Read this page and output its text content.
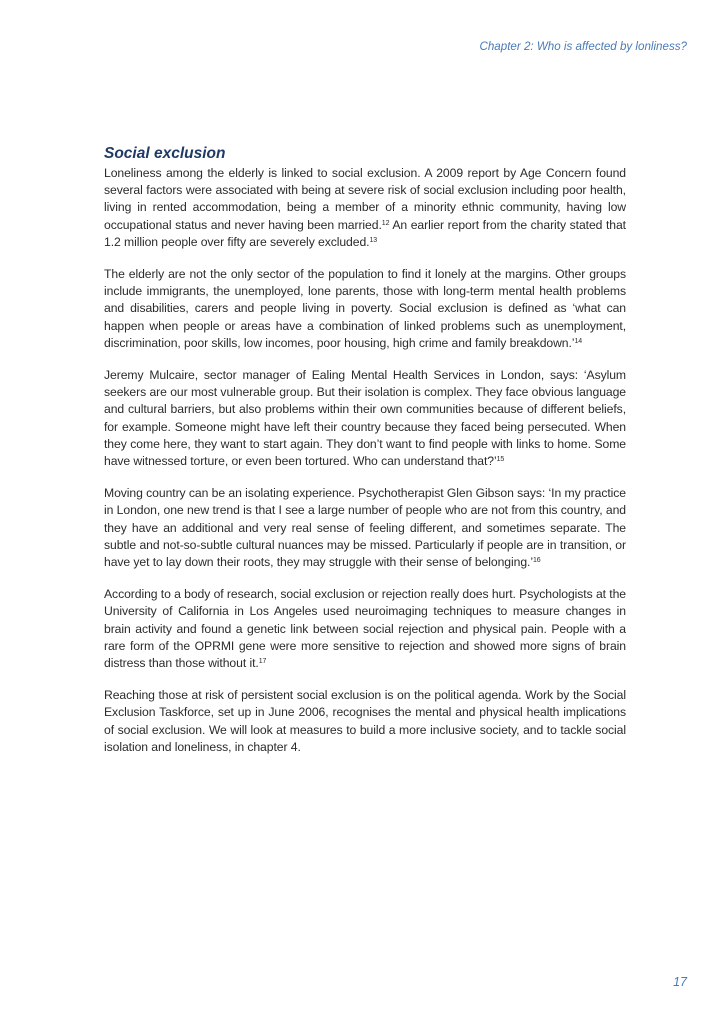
Chapter 2: Who is affected by lonliness?
Social exclusion

Loneliness among the elderly is linked to social exclusion. A 2009 report by Age Concern found several factors were associated with being at severe risk of social exclusion including poor health, living in rented accommodation, being a member of a minority ethnic community, having low occupational status and never having been married.$^{12}$ An earlier report from the charity stated that 1.2 million people over fifty are severely excluded.$^{13}$

The elderly are not the only sector of the population to find it lonely at the margins. Other groups include immigrants, the unemployed, lone parents, those with long-term mental health problems and disabilities, carers and people living in poverty. Social exclusion is defined as ‘what can happen when people or areas have a combination of linked problems such as unemployment, discrimination, poor skills, low incomes, poor housing, high crime and family breakdown.’$^{14}$

Jeremy Mulcaire, sector manager of Ealing Mental Health Services in London, says: ‘Asylum seekers are our most vulnerable group. But their isolation is complex. They face obvious language and cultural barriers, but also problems within their own communities because of different beliefs, for example. Someone might have left their country because they faced being persecuted. When they come here, they want to start again. They don’t want to find people with links to home. Some have witnessed torture, or even been tortured. Who can understand that?’$^{15}$

Moving country can be an isolating experience. Psychotherapist Glen Gibson says: ‘In my practice in London, one new trend is that I see a large number of people who are not from this country, and they have an additional and very real sense of feeling different, and sometimes separate. The subtle and not-so-subtle cultural nuances may be missed. Particularly if people are in transition, or have yet to lay down their roots, they may struggle with their sense of belonging.’$^{16}$

According to a body of research, social exclusion or rejection really does hurt. Psychologists at the University of California in Los Angeles used neuroimaging techniques to measure changes in brain activity and found a genetic link between social rejection and physical pain. People with a rare form of the OPRMI gene were more sensitive to rejection and showed more signs of brain distress than those without it.$^{17}$

Reaching those at risk of persistent social exclusion is on the political agenda. Work by the Social Exclusion Taskforce, set up in June 2006, recognises the mental and physical health implications of social exclusion. We will look at measures to build a more inclusive society, and to tackle social isolation and loneliness, in chapter 4.

17
